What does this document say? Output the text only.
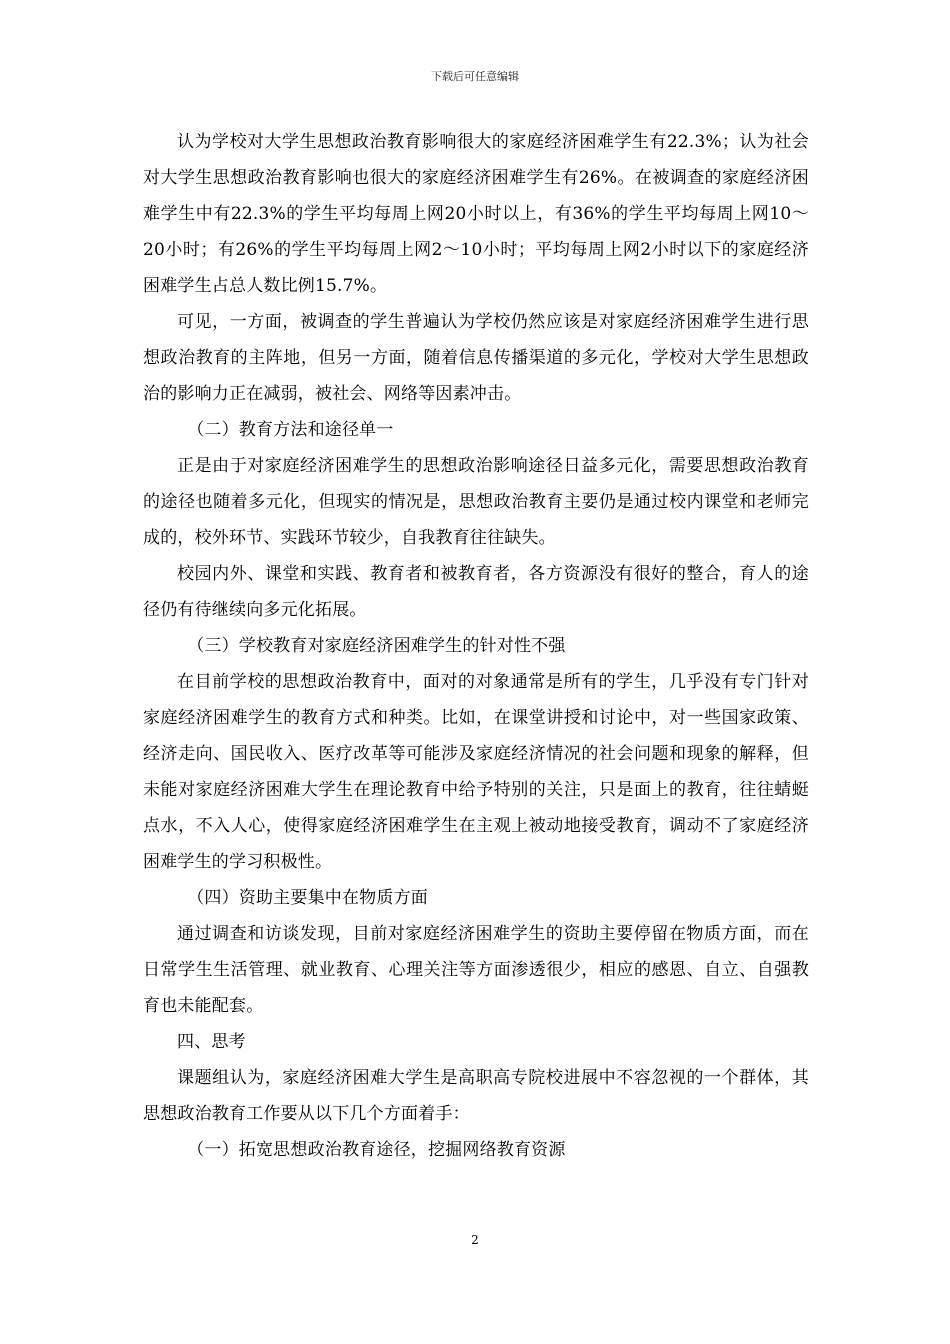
下载后可任意编辑

认为学校对大学生思想政治教育影响很大的家庭经济困难学生有22.3%；认为社会对大学生思想政治教育影响也很大的家庭经济困难学生有26%。在被调查的家庭经济困难学生中有22.3%的学生平均每周上网20小时以上，有36%的学生平均每周上网10～20小时；有26%的学生平均每周上网2～10小时；平均每周上网2小时以下的家庭经济困难学生占总人数比例15.7%。

可见，一方面，被调查的学生普遍认为学校仍然应该是对家庭经济困难学生进行思想政治教育的主阵地，但另一方面，随着信息传播渠道的多元化，学校对大学生思想政治的影响力正在减弱，被社会、网络等因素冲击。

（二）教育方法和途径单一

正是由于对家庭经济困难学生的思想政治影响途径日益多元化，需要思想政治教育的途径也随着多元化，但现实的情况是，思想政治教育主要仍是通过校内课堂和老师完成的，校外环节、实践环节较少，自我教育往往缺失。

校园内外、课堂和实践、教育者和被教育者，各方资源没有很好的整合，育人的途径仍有待继续向多元化拓展。

（三）学校教育对家庭经济困难学生的针对性不强

在目前学校的思想政治教育中，面对的对象通常是所有的学生，几乎没有专门针对家庭经济困难学生的教育方式和种类。比如，在课堂讲授和讨论中，对一些国家政策、经济走向、国民收入、医疗改革等可能涉及家庭经济情况的社会问题和现象的解释，但未能对家庭经济困难大学生在理论教育中给予特别的关注，只是面上的教育，往往蜻蜓点水，不入人心，使得家庭经济困难学生在主观上被动地接受教育，调动不了家庭经济困难学生的学习积极性。

（四）资助主要集中在物质方面

通过调查和访谈发现，目前对家庭经济困难学生的资助主要停留在物质方面，而在日常学生生活管理、就业教育、心理关注等方面渗透很少，相应的感恩、自立、自强教育也未能配套。

四、思考

课题组认为，家庭经济困难大学生是高职高专院校进展中不容忽视的一个群体，其思想政治教育工作要从以下几个方面着手：

（一）拓宽思想政治教育途径，挖掘网络教育资源

2
